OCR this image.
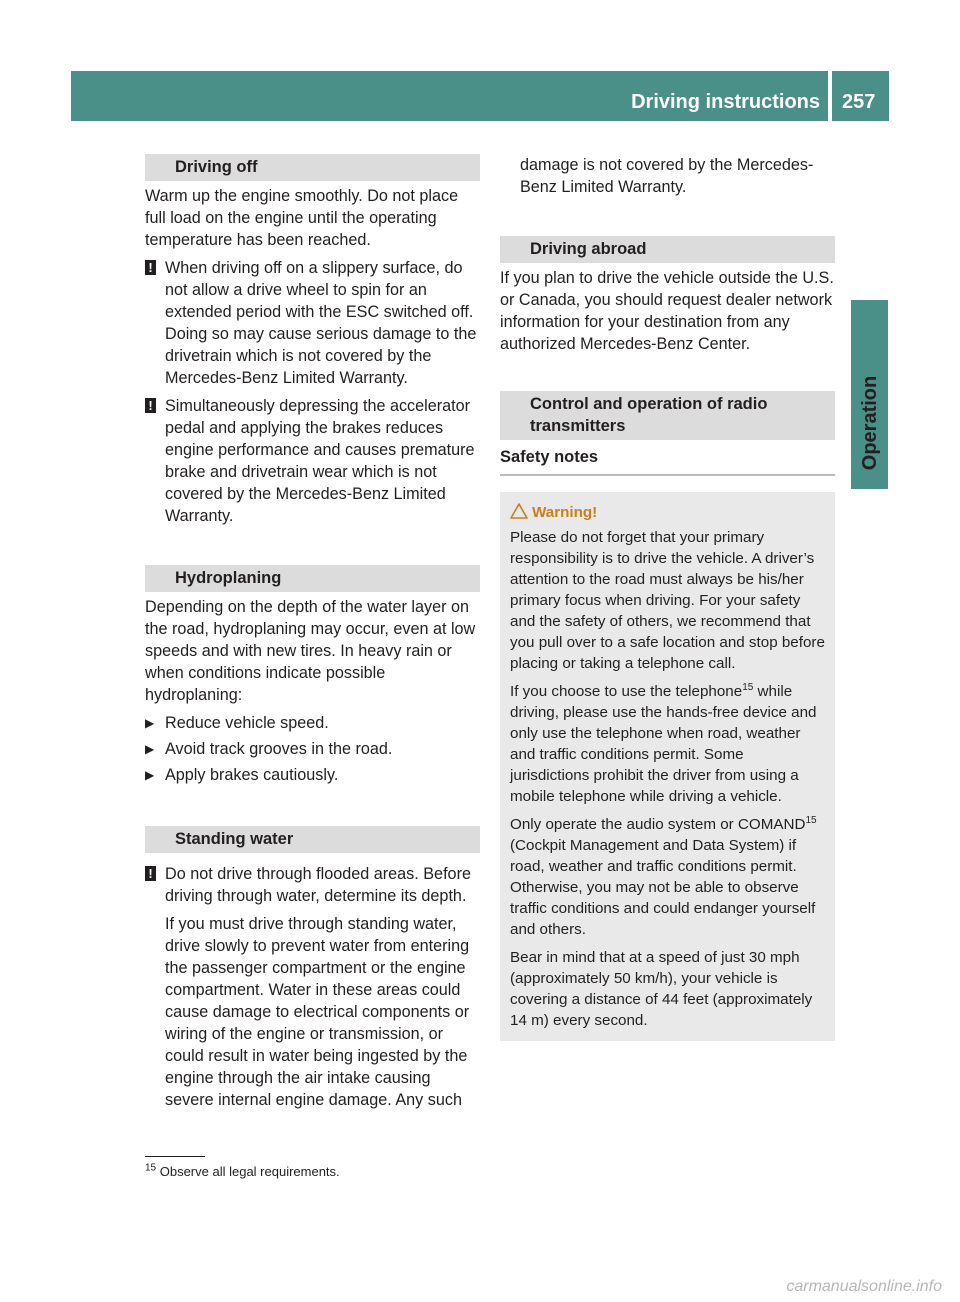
Driving instructions 257
Operation
Driving off

Warm up the engine smoothly. Do not place full load on the engine until the operating temperature has been reached.

! When driving off on a slippery surface, do not allow a drive wheel to spin for an extended period with the ESC switched off. Doing so may cause serious damage to the drivetrain which is not covered by the Mercedes-Benz Limited Warranty.
! Simultaneously depressing the accelerator pedal and applying the brakes reduces engine performance and causes premature brake and drivetrain wear which is not covered by the Mercedes-Benz Limited Warranty.
Hydroplaning

Depending on the depth of the water layer on the road, hydroplaning may occur, even at low speeds and with new tires. In heavy rain or when conditions indicate possible hydroplaning:

▶ Reduce vehicle speed.
▶ Avoid track grooves in the road.
▶ Apply brakes cautiously.
Standing water
! Do not drive through flooded areas. Before driving through water, determine its depth.

If you must drive through standing water, drive slowly to prevent water from entering the passenger compartment or the engine compartment. Water in these areas could cause damage to electrical components or wiring of the engine or transmission, or could result in water being ingested by the engine through the air intake causing severe internal engine damage. Any such

damage is not covered by the Mercedes-Benz Limited Warranty.

Driving abroad

If you plan to drive the vehicle outside the U.S. or Canada, you should request dealer network information for your destination from any authorized Mercedes-Benz Center.

Control and operation of radio transmitters
Safety notes
Warning!

Please do not forget that your primary responsibility is to drive the vehicle. A driver’s attention to the road must always be his/her primary focus when driving. For your safety and the safety of others, we recommend that you pull over to a safe location and stop before placing or taking a telephone call.

If you choose to use the telephone$^{15}$ while driving, please use the hands-free device and only use the telephone when road, weather and traffic conditions permit. Some jurisdictions prohibit the driver from using a mobile telephone while driving a vehicle.

Only operate the audio system or COMAND$^{15}$ (Cockpit Management and Data System) if road, weather and traffic conditions permit. Otherwise, you may not be able to observe traffic conditions and could endanger yourself and others.

Bear in mind that at a speed of just 30 mph (approximately 50 km/h), your vehicle is covering a distance of 44 feet (approximately 14 m) every second.

$^{15}$ Observe all legal requirements.
carmanualsonline.info
